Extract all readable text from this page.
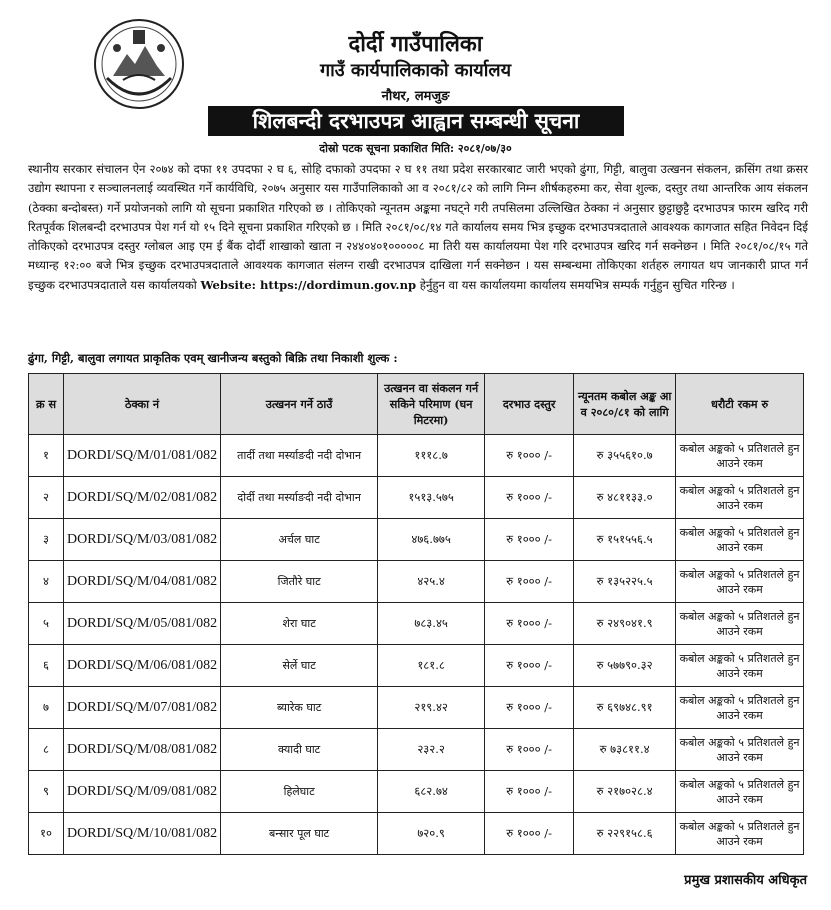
दोर्दी गाउँपालिका
गाउँ कार्यपालिकाको कार्यालय
नौथर, लमजुङ
शिलबन्दी दरभाउपत्र आह्वान सम्बन्धी सूचना
दोस्रो पटक सूचना प्रकाशित मिति: २०८१/०७/३०
स्थानीय सरकार संचालन ऐन २०७४ को दफा ११ उपदफा २ घ ६, सोहि दफाको उपदफा २ घ ११ तथा प्रदेश सरकारबाट जारी भएको ढुंगा, गिट्टी, बालुवा उत्खनन संकलन, क्रसिंग तथा क्रसर उद्योग स्थापना र सञ्चालनलाई व्यवस्थित गर्ने कार्यविधि, २०७५ अनुसार यस गाउँपालिकाको आ व २०८१/८२ को लागि निम्न शीर्षकहरुमा कर, सेवा शुल्क, दस्तुर तथा आन्तरिक आय संकलन (ठेक्का बन्दोबस्त) गर्ने प्रयोजनको लागि यो सूचना प्रकाशित गरिएको छ । तोकिएको न्यूनतम अङ्कमा नघट्ने गरी तपसिलमा उल्लिखित ठेक्का नं अनुसार छुट्टाछुट्टै दरभाउपत्र फारम खरिद गरी रितपूर्वक शिलबन्दी दरभाउपत्र पेश गर्न यो १५ दिने सूचना प्रकाशित गरिएको छ । मिति २०८१/०८/१४ गते कार्यालय समय भित्र इच्छुक दरभाउपत्रदाताले आवश्यक कागजात सहित निवेदन दिई तोकिएको दरभाउपत्र दस्तुर ग्लोबल आइ एम ई बैंक दोर्दी शाखाको खाता न २४४०४०१०००००८ मा तिरी यस कार्यालयमा पेश गरि दरभाउपत्र खरिद गर्न सक्नेछन । मिति २०८१/०८/१५ गते मध्यान्ह १२:०० बजे भित्र इच्छुक दरभाउपत्रदाताले आवश्यक कागजात संलग्न राखी दरभाउपत्र दाखिला गर्न सक्नेछन । यस सम्बन्धमा तोकिएका शर्तहरु लगायत थप जानकारी प्राप्त गर्न इच्छुक दरभाउपत्रदाताले यस कार्यालयको Website: https://dordimun.gov.np हेर्नुहुन वा यस कार्यालयमा कार्यालय समयभित्र सम्पर्क गर्नुहुन सुचित गरिन्छ ।
ढुंगा, गिट्टी, बालुवा लगायत प्राकृतिक एवम् खानीजन्य बस्तुको बिक्रि तथा निकाशी शुल्क :
क्र स	ठेक्का नं	उत्खनन गर्ने ठाउँ	उत्खनन वा संकलन गर्न सकिने परिमाण (घन मिटरमा)	दरभाउ दस्तुर	न्यूनतम कबोल अङ्क आ व २०८०/८१ को लागि	धरौटी रकम रु
१	DORDI/SQ/M/01/081/082	तार्दी तथा मर्स्याङदी नदी दोभान	१११८.७	रु १००० /-	रु ३५५६१०.७	कबोल अङ्कको ५ प्रतिशतले हुन आउने रकम
२	DORDI/SQ/M/02/081/082	दोर्दी तथा मर्स्याङदी नदी दोभान	१५१३.५७५	रु १००० /-	रु ४८११३३.०	कबोल अङ्कको ५ प्रतिशतले हुन आउने रकम
३	DORDI/SQ/M/03/081/082	अर्चल घाट	४७६.७७५	रु १००० /-	रु १५१५५६.५	कबोल अङ्कको ५ प्रतिशतले हुन आउने रकम
४	DORDI/SQ/M/04/081/082	जितौरे घाट	४२५.४	रु १००० /-	रु १३५२२५.५	कबोल अङ्कको ५ प्रतिशतले हुन आउने रकम
५	DORDI/SQ/M/05/081/082	शेरा घाट	७८३.४५	रु १००० /-	रु २४९०४१.९	कबोल अङ्कको ५ प्रतिशतले हुन आउने रकम
६	DORDI/SQ/M/06/081/082	सेर्ले घाट	१८१.८	रु १००० /-	रु ५७७९०.३२	कबोल अङ्कको ५ प्रतिशतले हुन आउने रकम
७	DORDI/SQ/M/07/081/082	ब्यारेक घाट	२१९.४२	रु १००० /-	रु ६९७४८.९१	कबोल अङ्कको ५ प्रतिशतले हुन आउने रकम
८	DORDI/SQ/M/08/081/082	क्यादी घाट	२३२.२	रु १००० /-	रु ७३८११.४	कबोल अङ्कको ५ प्रतिशतले हुन आउने रकम
९	DORDI/SQ/M/09/081/082	हिलेघाट	६८२.७४	रु १००० /-	रु २१७०२८.४	कबोल अङ्कको ५ प्रतिशतले हुन आउने रकम
१०	DORDI/SQ/M/10/081/082	बन्सार पूल घाट	७२०.९	रु १००० /-	रु २२९१५८.६	कबोल अङ्कको ५ प्रतिशतले हुन आउने रकम
प्रमुख प्रशासकीय अधिकृत
